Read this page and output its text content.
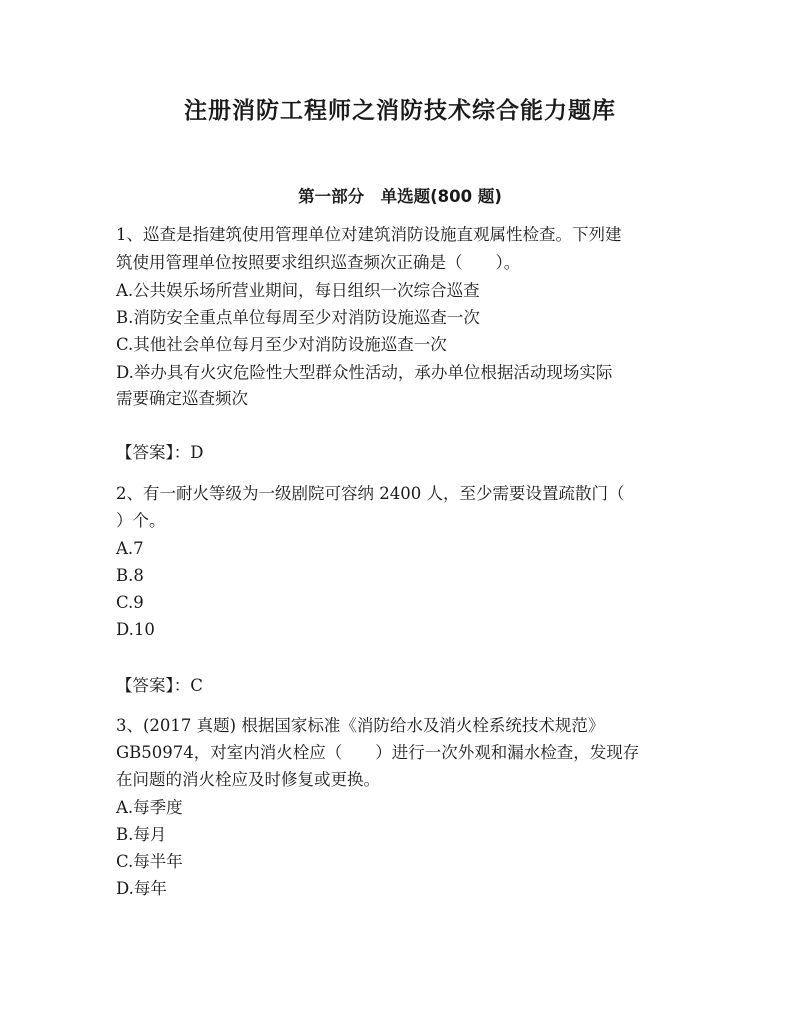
注册消防工程师之消防技术综合能力题库
第一部分　单选题(800 题)
1、巡查是指建筑使用管理单位对建筑消防设施直观属性检查。下列建
筑使用管理单位按照要求组织巡查频次正确是（　　）。
A.公共娱乐场所营业期间，每日组织一次综合巡查
B.消防安全重点单位每周至少对消防设施巡查一次
C.其他社会单位每月至少对消防设施巡查一次
D.举办具有火灾危险性大型群众性活动，承办单位根据活动现场实际
需要确定巡查频次
【答案】：D
2、有一耐火等级为一级剧院可容纳 2400 人，至少需要设置疏散门（
）个。
A.7
B.8
C.9
D.10
【答案】：C
3、(2017 真题) 根据国家标准《消防给水及消火栓系统技术规范》
GB50974，对室内消火栓应（　　）进行一次外观和漏水检查，发现存
在问题的消火栓应及时修复或更换。
A.每季度
B.每月
C.每半年
D.每年
